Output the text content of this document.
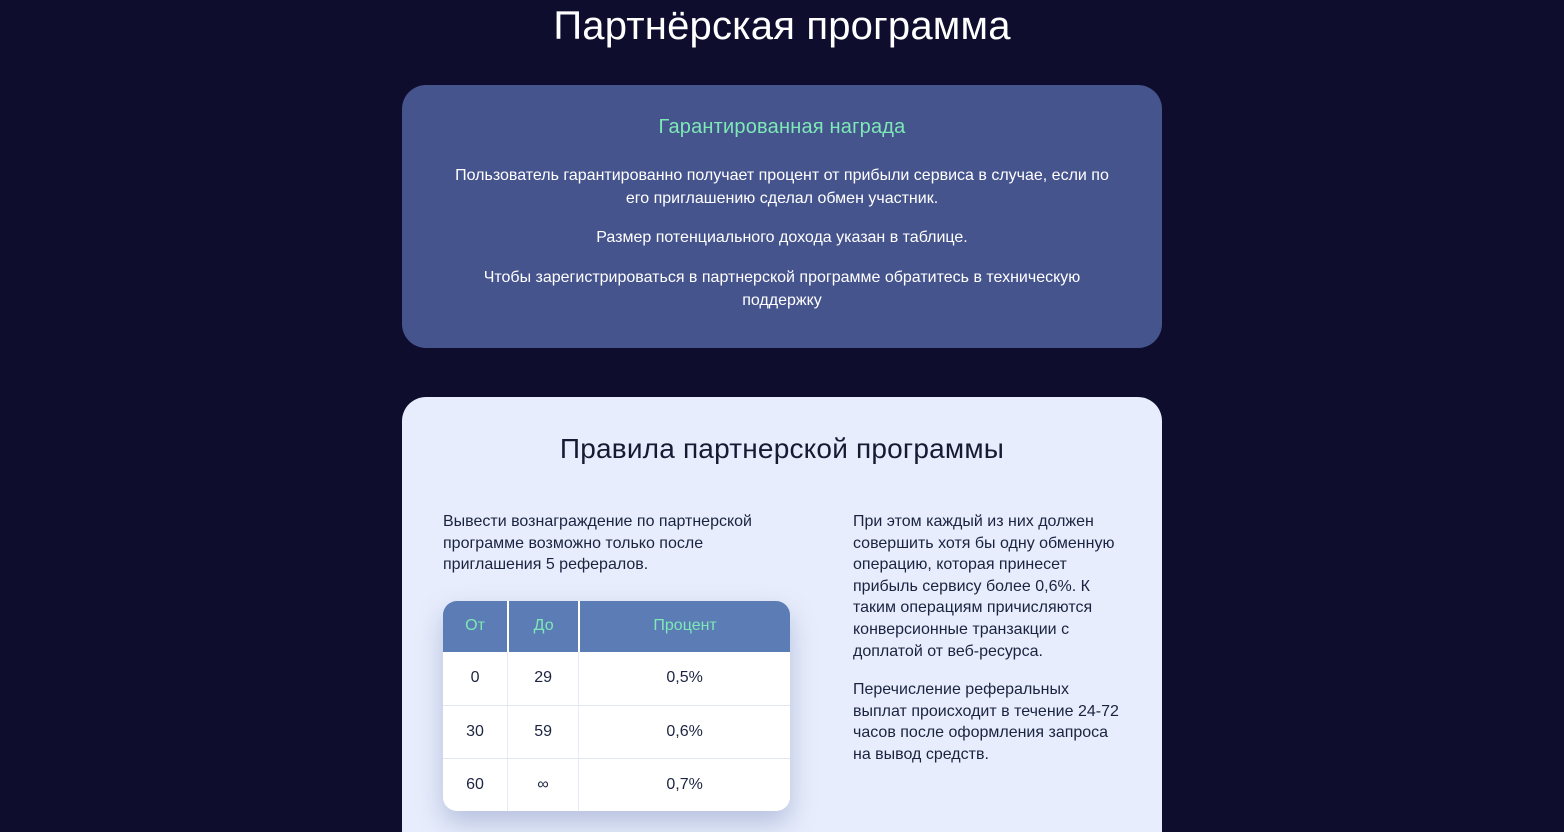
Партнёрская программа
Гарантированная награда

Пользователь гарантированно получает процент от прибыли сервиса в случае, если по его приглашению сделал обмен участник.

Размер потенциального дохода указан в таблице.

Чтобы зарегистрироваться в партнерской программе обратитесь в техническую поддержку

Правила партнерской программы

Вывести вознаграждение по партнерской программе возможно только после приглашения 5 рефералов.

От	До	Процент
0	29	0,5%
30	59	0,6%
60	∞	0,7%

При этом каждый из них должен совершить хотя бы одну обменную операцию, которая принесет прибыль сервису более 0,6%. К таким операциям причисляются конверсионные транзакции с доплатой от веб-ресурса.

Перечисление реферальных выплат происходит в течение 24-72 часов после оформления запроса на вывод средств.
